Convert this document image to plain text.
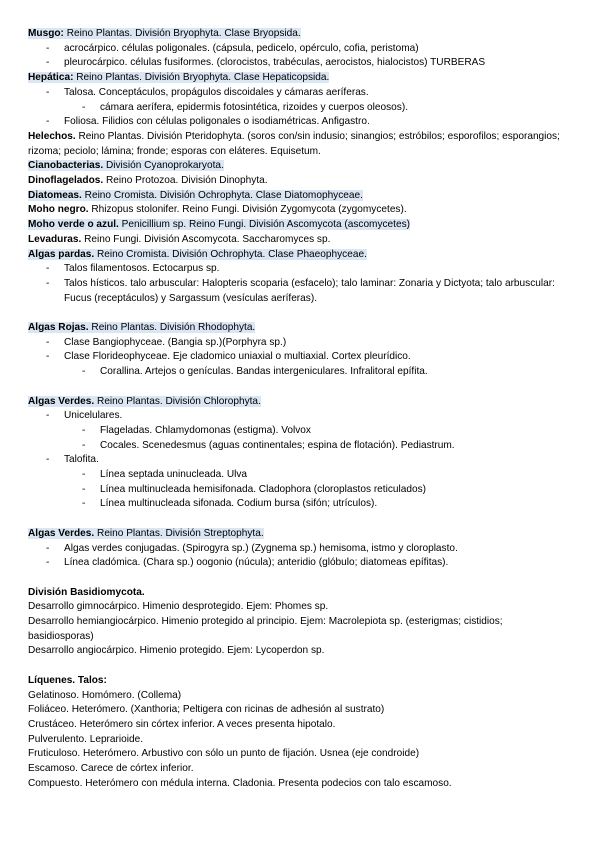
Musgo: Reino Plantas. División Bryophyta. Clase Bryopsida.
- acrocárpico. células poligonales. (cápsula, pedicelo, opérculo, cofia, peristoma)
- pleurocárpico. células fusiformes. (clorocistos, trabéculas, aerocistos, hialocistos) TURBERAS
Hepática: Reino Plantas. División Bryophyta. Clase Hepaticopsida.
- Talosa. Conceptáculos, propágulos discoidales y cámaras aeríferas.
- cámara aerífera, epidermis fotosintética, rizoides y cuerpos oleosos).
- Foliosa. Filidios con células poligonales o isodiamétricas. Anfigastro.
Helechos. Reino Plantas. División Pteridophyta. (soros con/sin indusio; sinangios; estróbilos; esporofilos; esporangios; rizoma; peciolo; lámina; fronde; esporas con eláteres. Equisetum.
Cianobacterias. División Cyanoprokaryota.
Dinoflagelados. Reino Protozoa. División Dinophyta.
Diatomeas. Reino Cromista. División Ochrophyta. Clase Diatomophyceae.
Moho negro. Rhizopus stolonifer. Reino Fungi. División Zygomycota (zygomycetes).
Moho verde o azul. Penicillium sp. Reino Fungi. División Ascomycota (ascomycetes)
Levaduras. Reino Fungi. División Ascomycota. Saccharomyces sp.
Algas pardas. Reino Cromista. División Ochrophyta. Clase Phaeophyceae.
- Talos filamentosos. Ectocarpus sp.
- Talos hísticos. talo arbuscular: Halopteris scoparia (esfacelo); talo laminar: Zonaria y Dictyota; talo arbuscular: Fucus (receptáculos) y Sargassum (vesículas aeríferas).
Algas Rojas. Reino Plantas. División Rhodophyta.
- Clase Bangiophyceae. (Bangia sp.)(Porphyra sp.)
- Clase Florideophyceae. Eje cladomico uniaxial o multiaxial. Cortex pleurídico.
- Corallina. Artejos o genículas. Bandas intergeniculares. Infralitoral epífita.
Algas Verdes. Reino Plantas. División Chlorophyta.
- Unicelulares.
- Flageladas. Chlamydomonas (estigma). Volvox
- Cocales. Scenedesmus (aguas continentales; espina de flotación). Pediastrum.
- Talofita.
- Línea septada uninucleada. Ulva
- Línea multinucleada hemisifonada. Cladophora (cloroplastos reticulados)
- Línea multinucleada sifonada. Codium bursa (sifón; utrículos).
Algas Verdes. Reino Plantas. División Streptophyta.
- Algas verdes conjugadas. (Spirogyra sp.) (Zygnema sp.) hemisoma, istmo y cloroplasto.
- Línea cladómica. (Chara sp.) oogonio (núcula); anteridio (glóbulo; diatomeas epífitas).
División Basidiomycota.
Desarrollo gimnocárpico. Himenio desprotegido. Ejem: Phomes sp.
Desarrollo hemiangiocárpico. Himenio protegido al principio. Ejem: Macrolepiota sp. (esterigmas; cistidios; basidiosporas)
Desarrollo angiocárpico. Himenio protegido. Ejem: Lycoperdon sp.
Líquenes. Talos:
Gelatinoso. Homómero. (Collema)
Foliáceo. Heterómero. (Xanthoria; Peltigera con ricinas de adhesión al sustrato)
Crustáceo. Heterómero sin córtex inferior. A veces presenta hipotalo.
Pulverulento. Leprarioide.
Fruticuloso. Heterómero. Arbustivo con sólo un punto de fijación. Usnea (eje condroide)
Escamoso. Carece de córtex inferior.
Compuesto. Heterómero con médula interna. Cladonia. Presenta podecios con talo escamoso.
